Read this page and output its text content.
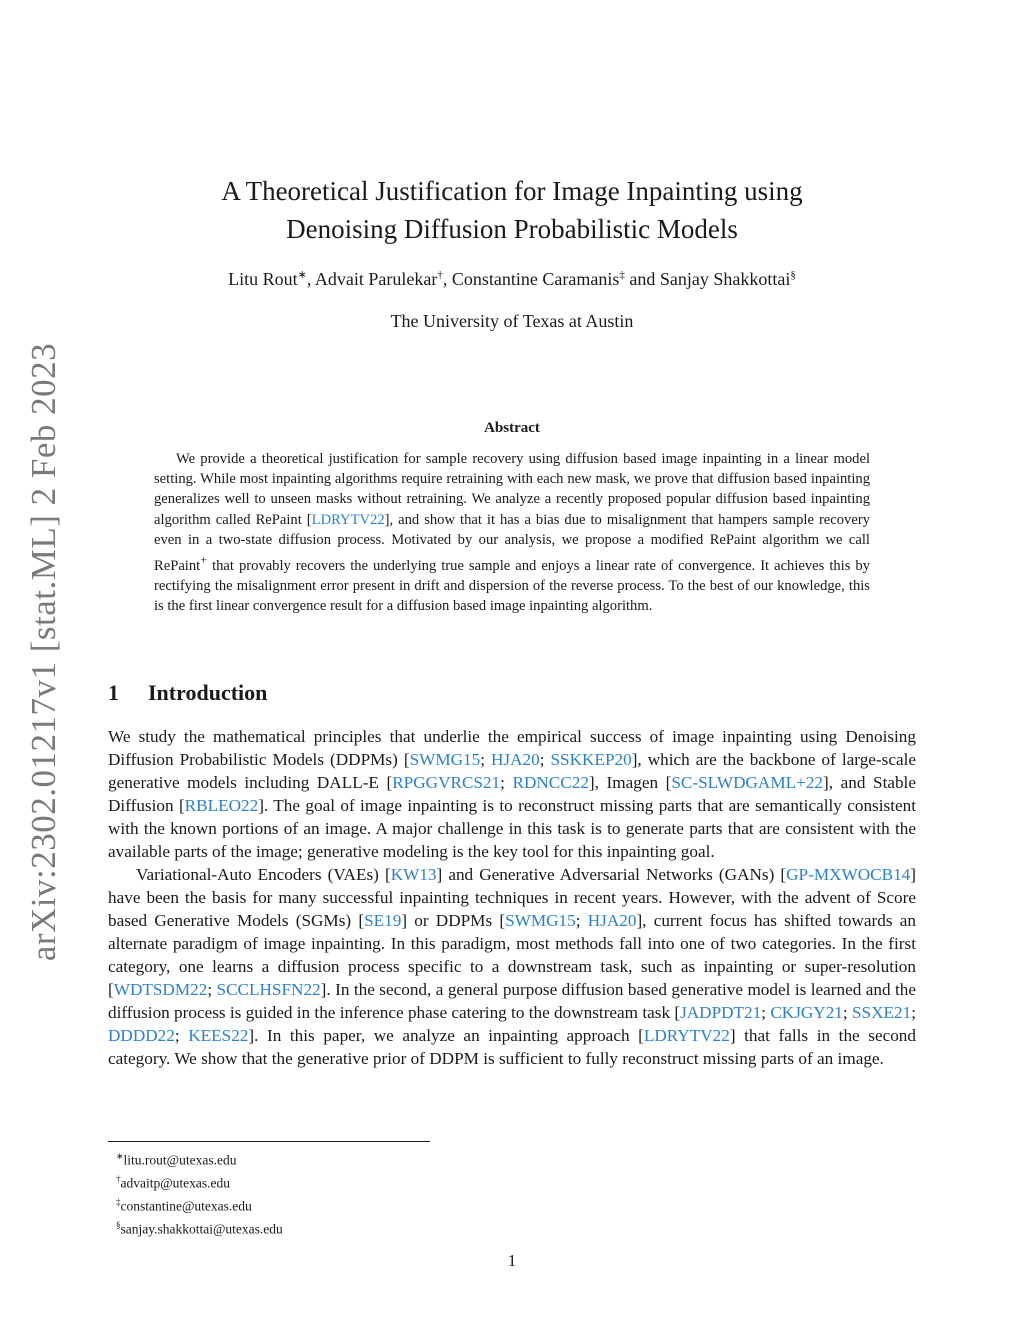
arXiv:2302.01217v1 [stat.ML] 2 Feb 2023
A Theoretical Justification for Image Inpainting using
Denoising Diffusion Probabilistic Models
Litu Rout∗, Advait Parulekar†, Constantine Caramanis‡ and Sanjay Shakkottai§
The University of Texas at Austin
Abstract
We provide a theoretical justification for sample recovery using diffusion based image inpainting in a linear model setting. While most inpainting algorithms require retraining with each new mask, we prove that diffusion based inpainting generalizes well to unseen masks without retraining. We analyze a recently proposed popular diffusion based inpainting algorithm called RePaint [LDRYTV22], and show that it has a bias due to misalignment that hampers sample recovery even in a two-state diffusion process. Motivated by our analysis, we propose a modified RePaint algorithm we call RePaint+ that provably recovers the underlying true sample and enjoys a linear rate of convergence. It achieves this by rectifying the misalignment error present in drift and dispersion of the reverse process. To the best of our knowledge, this is the first linear convergence result for a diffusion based image inpainting algorithm.
1 Introduction

We study the mathematical principles that underlie the empirical success of image inpainting using Denoising Diffusion Probabilistic Models (DDPMs) [SWMG15; HJA20; SSKKEP20], which are the backbone of large-scale generative models including DALL-E [RPGGVRCS21; RDNCC22], Imagen [SC-SLWDGAML+22], and Stable Diffusion [RBLEO22]. The goal of image inpainting is to reconstruct missing parts that are semantically consistent with the known portions of an image. A major challenge in this task is to generate parts that are consistent with the available parts of the image; generative modeling is the key tool for this inpainting goal.

Variational-Auto Encoders (VAEs) [KW13] and Generative Adversarial Networks (GANs) [GP-MXWOCB14] have been the basis for many successful inpainting techniques in recent years. However, with the advent of Score based Generative Models (SGMs) [SE19] or DDPMs [SWMG15; HJA20], current focus has shifted towards an alternate paradigm of image inpainting. In this paradigm, most methods fall into one of two categories. In the first category, one learns a diffusion process specific to a downstream task, such as inpainting or super-resolution [WDTSDM22; SCCLHSFN22]. In the second, a general purpose diffusion based generative model is learned and the diffusion process is guided in the inference phase catering to the downstream task [JADPDT21; CKJGY21; SSXE21; DDDD22; KEES22]. In this paper, we analyze an inpainting approach [LDRYTV22] that falls in the second category. We show that the generative prior of DDPM is sufficient to fully reconstruct missing parts of an image.

∗litu.rout@utexas.edu
†advaitp@utexas.edu
‡constantine@utexas.edu
§sanjay.shakkottai@utexas.edu
1
